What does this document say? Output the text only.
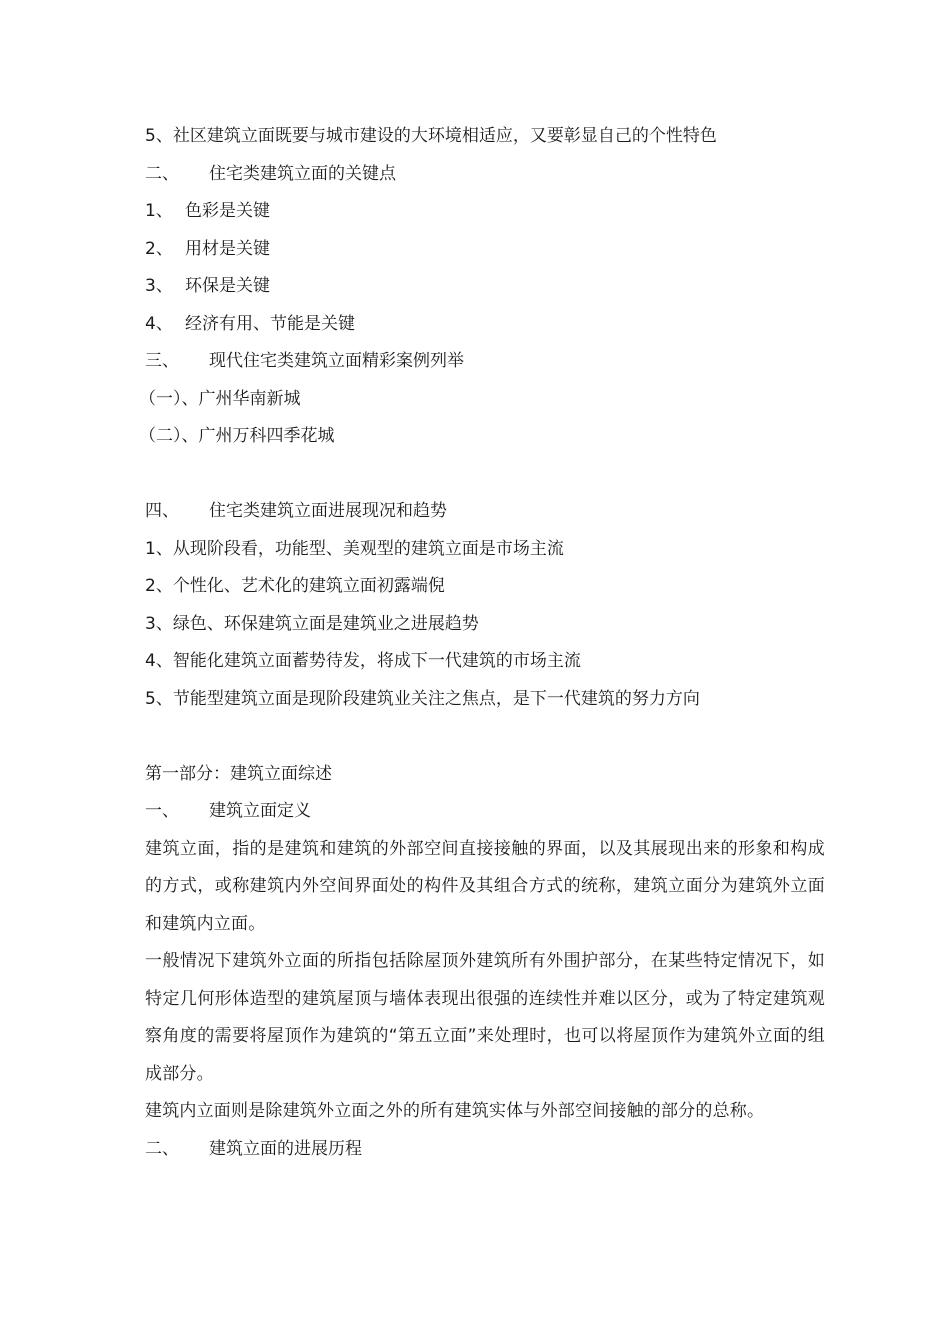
5、社区建筑立面既要与城市建设的大环境相适应，又要彰显自己的个性特色
二、 住宅类建筑立面的关键点
1、 色彩是关键
2、 用材是关键
3、 环保是关键
4、 经济有用、节能是关键
三、 现代住宅类建筑立面精彩案例列举
（一）、广州华南新城
（二）、广州万科四季花城
四、 住宅类建筑立面进展现况和趋势
1、从现阶段看，功能型、美观型的建筑立面是市场主流
2、个性化、艺术化的建筑立面初露端倪
3、绿色、环保建筑立面是建筑业之进展趋势
4、智能化建筑立面蓄势待发，将成下一代建筑的市场主流
5、节能型建筑立面是现阶段建筑业关注之焦点，是下一代建筑的努力方向
第一部分：建筑立面综述
一、 建筑立面定义
建筑立面，指的是建筑和建筑的外部空间直接接触的界面，以及其展现出来的形象和构成的方式，或称建筑内外空间界面处的构件及其组合方式的统称，建筑立面分为建筑外立面和建筑内立面。
一般情况下建筑外立面的所指包括除屋顶外建筑所有外围护部分，在某些特定情况下，如特定几何形体造型的建筑屋顶与墙体表现出很强的连续性并难以区分，或为了特定建筑观察角度的需要将屋顶作为建筑的“第五立面”来处理时，也可以将屋顶作为建筑外立面的组成部分。
建筑内立面则是除建筑外立面之外的所有建筑实体与外部空间接触的部分的总称。
二、 建筑立面的进展历程
